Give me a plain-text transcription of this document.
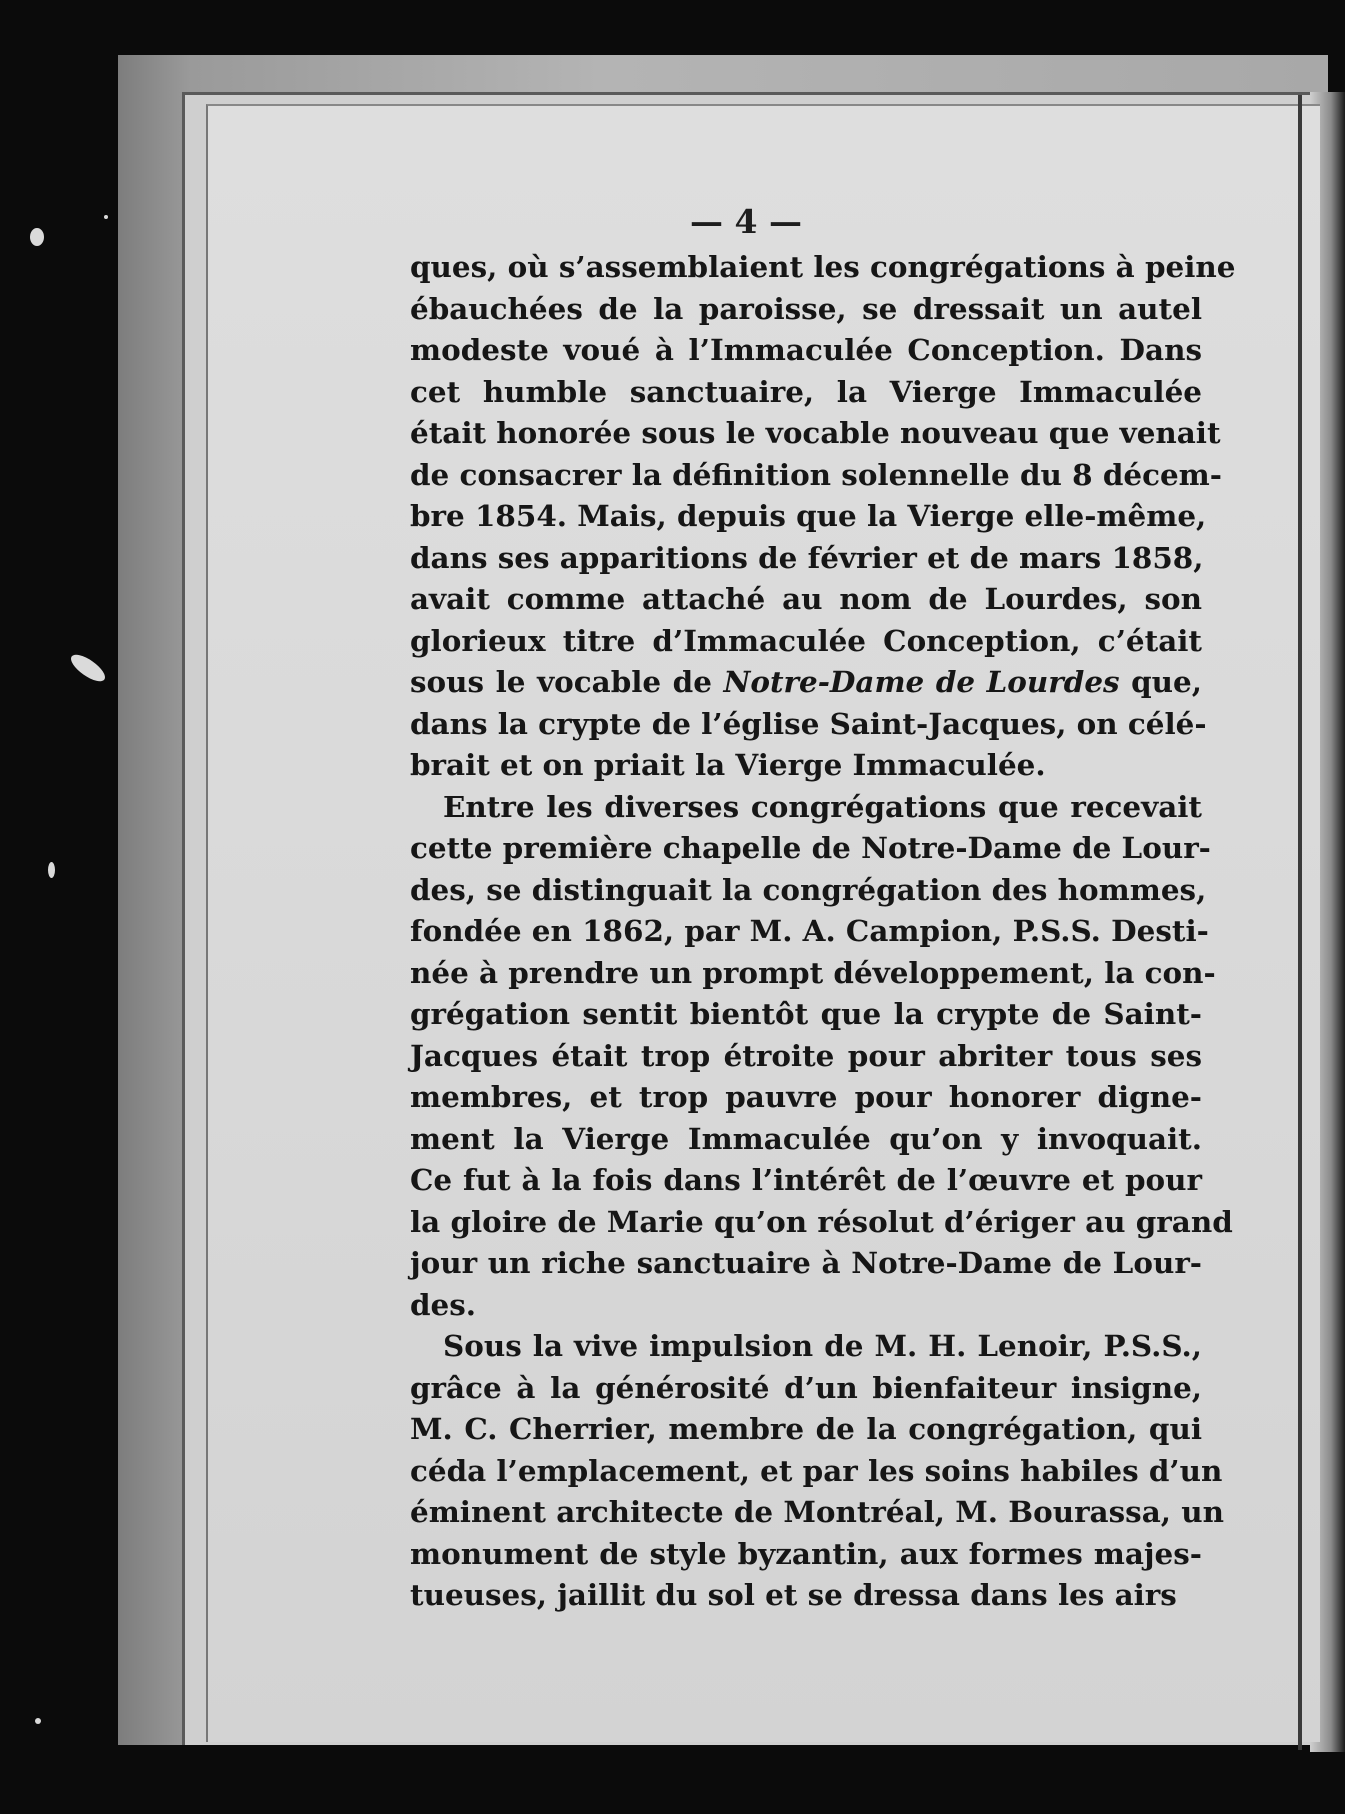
— 4 —
ques, où s’assemblaient les congrégations à peine
ébauchées de la paroisse, se dressait un autel
modeste voué à l’Immaculée Conception. Dans
cet humble sanctuaire, la Vierge Immaculée
était honorée sous le vocable nouveau que venait
de consacrer la définition solennelle du 8 décem-
bre 1854. Mais, depuis que la Vierge elle-même,
dans ses apparitions de février et de mars 1858,
avait comme attaché au nom de Lourdes, son
glorieux titre d’Immaculée Conception, c’était
sous le vocable de Notre-Dame de Lourdes que,
dans la crypte de l’église Saint-Jacques, on célé-
brait et on priait la Vierge Immaculée.
Entre les diverses congrégations que recevait
cette première chapelle de Notre-Dame de Lour-
des, se distinguait la congrégation des hommes,
fondée en 1862, par M. A. Campion, P.S.S. Desti-
née à prendre un prompt développement, la con-
grégation sentit bientôt que la crypte de Saint-
Jacques était trop étroite pour abriter tous ses
membres, et trop pauvre pour honorer digne-
ment la Vierge Immaculée qu’on y invoquait.
Ce fut à la fois dans l’intérêt de l’œuvre et pour
la gloire de Marie qu’on résolut d’ériger au grand
jour un riche sanctuaire à Notre-Dame de Lour-
des.
Sous la vive impulsion de M. H. Lenoir, P.S.S.,
grâce à la générosité d’un bienfaiteur insigne,
M. C. Cherrier, membre de la congrégation, qui
céda l’emplacement, et par les soins habiles d’un
éminent architecte de Montréal, M. Bourassa, un
monument de style byzantin, aux formes majes-
tueuses, jaillit du sol et se dressa dans les airs
